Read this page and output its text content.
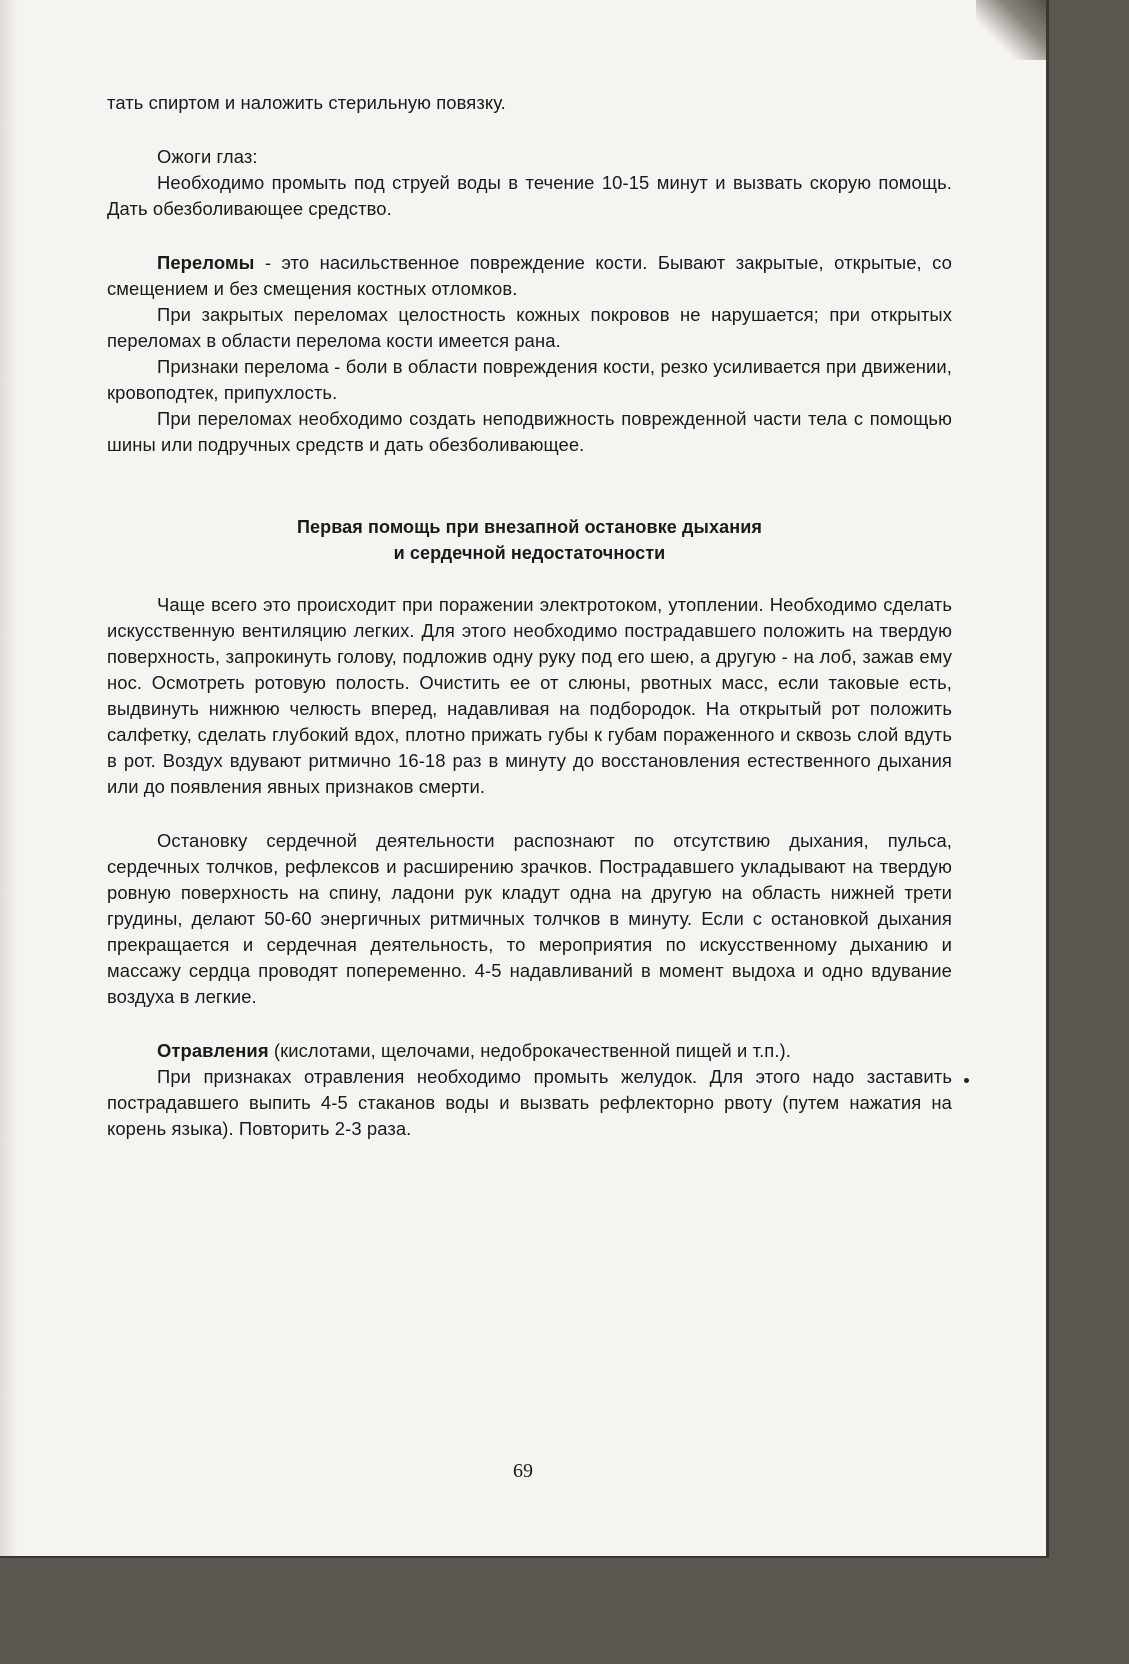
тать спиртом и наложить стерильную повязку.

Ожоги глаз:

Необходимо промыть под струей воды в течение 10-15 минут и вызвать скорую помощь. Дать обезболивающее средство.

Переломы - это насильственное повреждение кости. Бывают закрытые, открытые, со смещением и без смещения костных отломков.

При закрытых переломах целостность кожных покровов не нарушается; при открытых переломах в области перелома кости имеется рана.

Признаки перелома - боли в области повреждения кости, резко усиливается при движении, кровоподтек, припухлость.

При переломах необходимо создать неподвижность поврежденной части тела с помощью шины или подручных средств и дать обезболивающее.

Первая помощь при внезапной остановке дыхания

и сердечной недостаточности

Чаще всего это происходит при поражении электротоком, утоплении. Необходимо сделать искусственную вентиляцию легких. Для этого необходимо пострадавшего положить на твердую поверхность, запрокинуть голову, подложив одну руку под его шею, а другую - на лоб, зажав ему нос. Осмотреть ротовую полость. Очистить ее от слюны, рвотных масс, если таковые есть, выдвинуть нижнюю челюсть вперед, надавливая на подбородок. На открытый рот положить салфетку, сделать глубокий вдох, плотно прижать губы к губам пораженного и сквозь слой вдуть в рот. Воздух вдувают ритмично 16-18 раз в минуту до восстановления естественного дыхания или до появления явных признаков смерти.

Остановку сердечной деятельности распознают по отсутствию дыхания, пульса, сердечных толчков, рефлексов и расширению зрачков. Пострадавшего укладывают на твердую ровную поверхность на спину, ладони рук кладут одна на другую на область нижней трети грудины, делают 50-60 энергичных ритмичных толчков в минуту. Если с остановкой дыхания прекращается и сердечная деятельность, то мероприятия по искусственному дыханию и массажу сердца проводят попеременно. 4-5 надавливаний в момент выдоха и одно вдувание воздуха в легкие.

Отравления (кислотами, щелочами, недоброкачественной пищей и т.п.).

При признаках отравления необходимо промыть желудок. Для этого надо заставить пострадавшего выпить 4-5 стаканов воды и вызвать рефлекторно рвоту (путем нажатия на корень языка). Повторить 2-3 раза.

69
